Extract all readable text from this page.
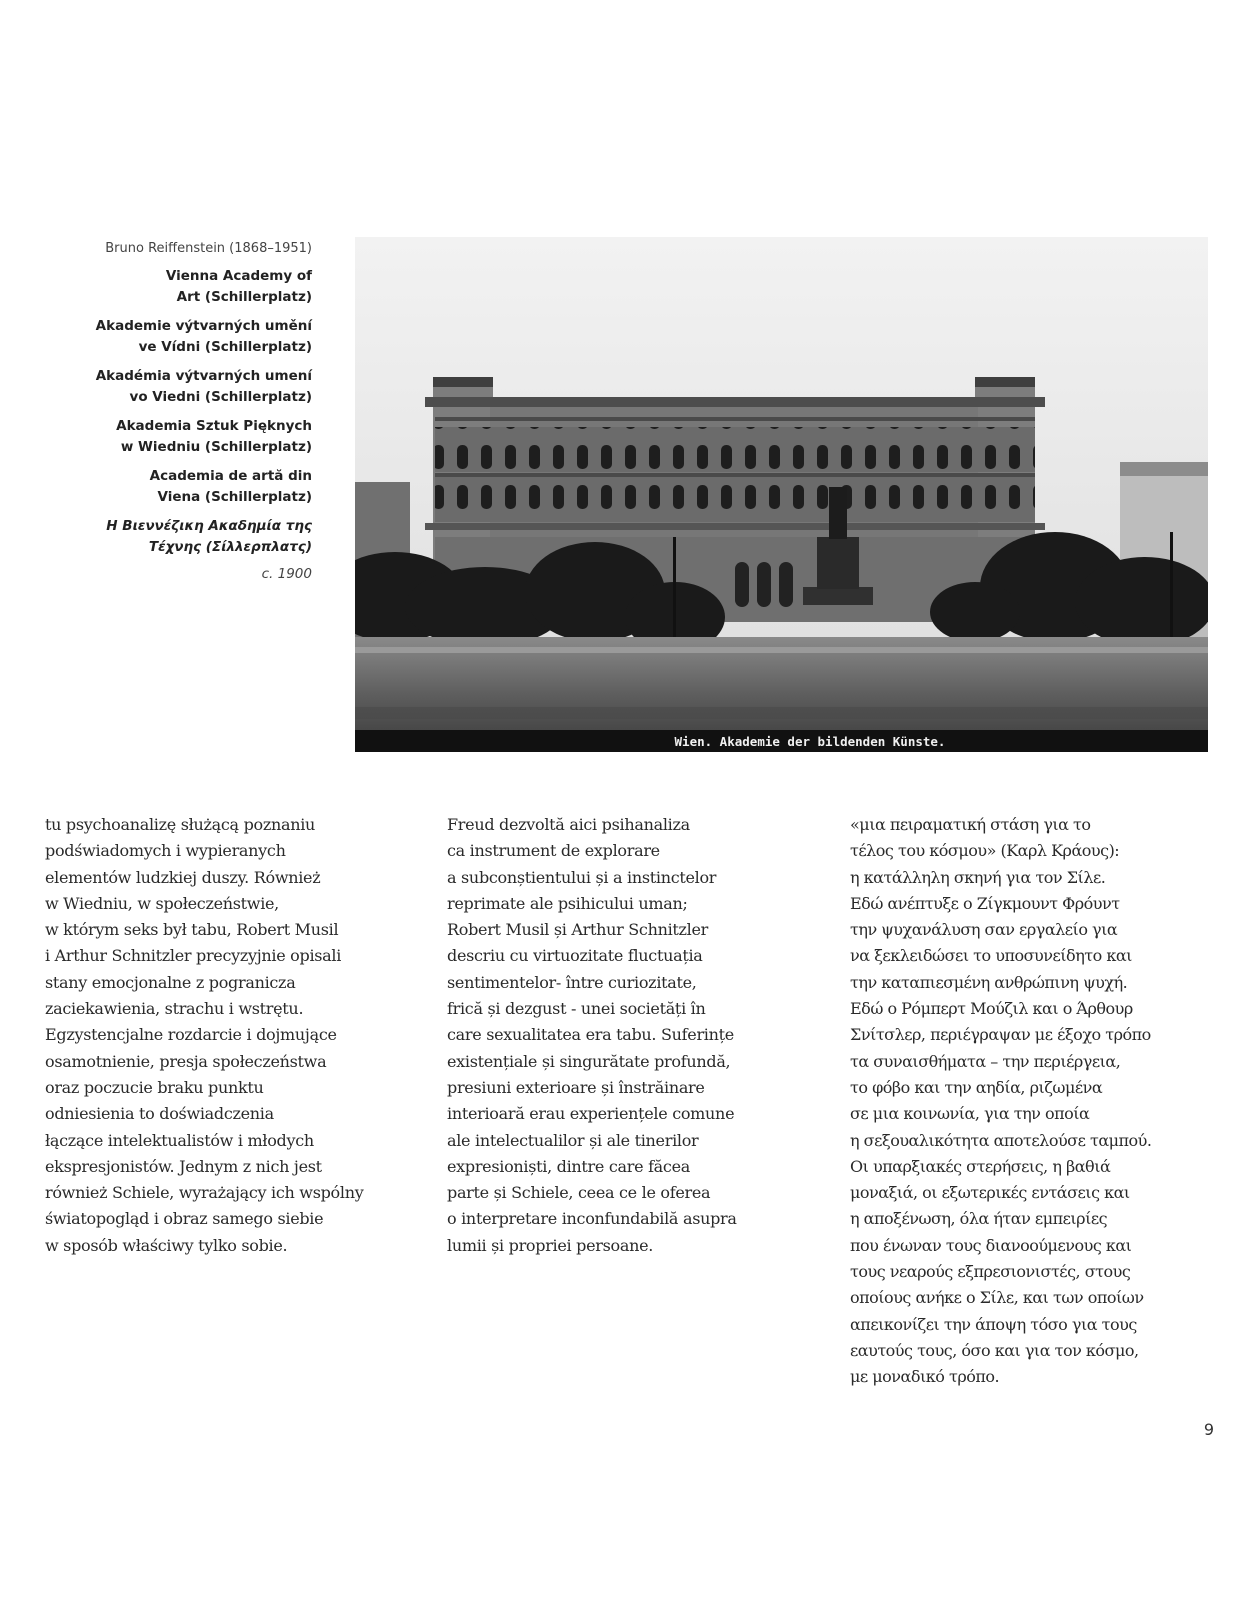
Bruno Reiffenstein (1868–1951)

Vienna Academy of
Art (Schillerplatz)

Akademie výtvarných umění
ve Vídni (Schillerplatz)

Akadémia výtvarných umení
vo Viedni (Schillerplatz)

Akademia Sztuk Pięknych
w Wiedniu (Schillerplatz)

Academia de artă din
Viena (Schillerplatz)

Η Βιεννέζικη Ακαδημία της
Τέχνης (Σίλλερπλατς)

c. 1900

Wien. Akademie der bildenden Künste.

tu psychoanalizę służącą poznaniu
podświadomych i wypieranych
elementów ludzkiej duszy. Również
w Wiedniu, w społeczeństwie,
w którym seks był tabu, Robert Musil
i Arthur Schnitzler precyzyjnie opisali
stany emocjonalne z pogranicza
zaciekawienia, strachu i wstrętu.
Egzystencjalne rozdarcie i dojmujące
osamotnienie, presja społeczeństwa
oraz poczucie braku punktu
odniesienia to doświadczenia
łączące intelektualistów i młodych
ekspresjonistów. Jednym z nich jest
również Schiele, wyrażający ich wspólny
światopogląd i obraz samego siebie
w sposób właściwy tylko sobie.

Freud dezvoltă aici psihanaliza
ca instrument de explorare
a subconștientului și a instinctelor
reprimate ale psihicului uman;
Robert Musil și Arthur Schnitzler
descriu cu virtuozitate fluctuația
sentimentelor- între curiozitate,
frică și dezgust - unei societăți în
care sexualitatea era tabu. Suferințe
existențiale și singurătate profundă,
presiuni exterioare și înstrăinare
interioară erau experiențele comune
ale intelectualilor și ale tinerilor
expresioniști, dintre care făcea
parte și Schiele, ceea ce le oferea
o interpretare inconfundabilă asupra
lumii și propriei persoane.

«μια πειραματική στάση για το
τέλος του κόσμου» (Καρλ Κράους):
η κατάλληλη σκηνή για τον Σίλε.
Εδώ ανέπτυξε ο Ζίγκμουντ Φρόυντ
την ψυχανάλυση σαν εργαλείο για
να ξεκλειδώσει το υποσυνείδητο και
την καταπιεσμένη ανθρώπινη ψυχή.
Εδώ ο Ρόμπερτ Μούζιλ και ο Άρθουρ
Σνίτσλερ, περιέγραψαν με έξοχο τρόπο
τα συναισθήματα – την περιέργεια,
το φόβο και την αηδία, ριζωμένα
σε μια κοινωνία, για την οποία
η σεξουαλικότητα αποτελούσε ταμπού.
Οι υπαρξιακές στερήσεις, η βαθιά
μοναξιά, οι εξωτερικές εντάσεις και
η αποξένωση, όλα ήταν εμπειρίες
που ένωναν τους διανοούμενους και
τους νεαρούς εξπρεσιονιστές, στους
οποίους ανήκε ο Σίλε, και των οποίων
απεικονίζει την άποψη τόσο για τους
εαυτούς τους, όσο και για τον κόσμο,
με μοναδικό τρόπο.

9
